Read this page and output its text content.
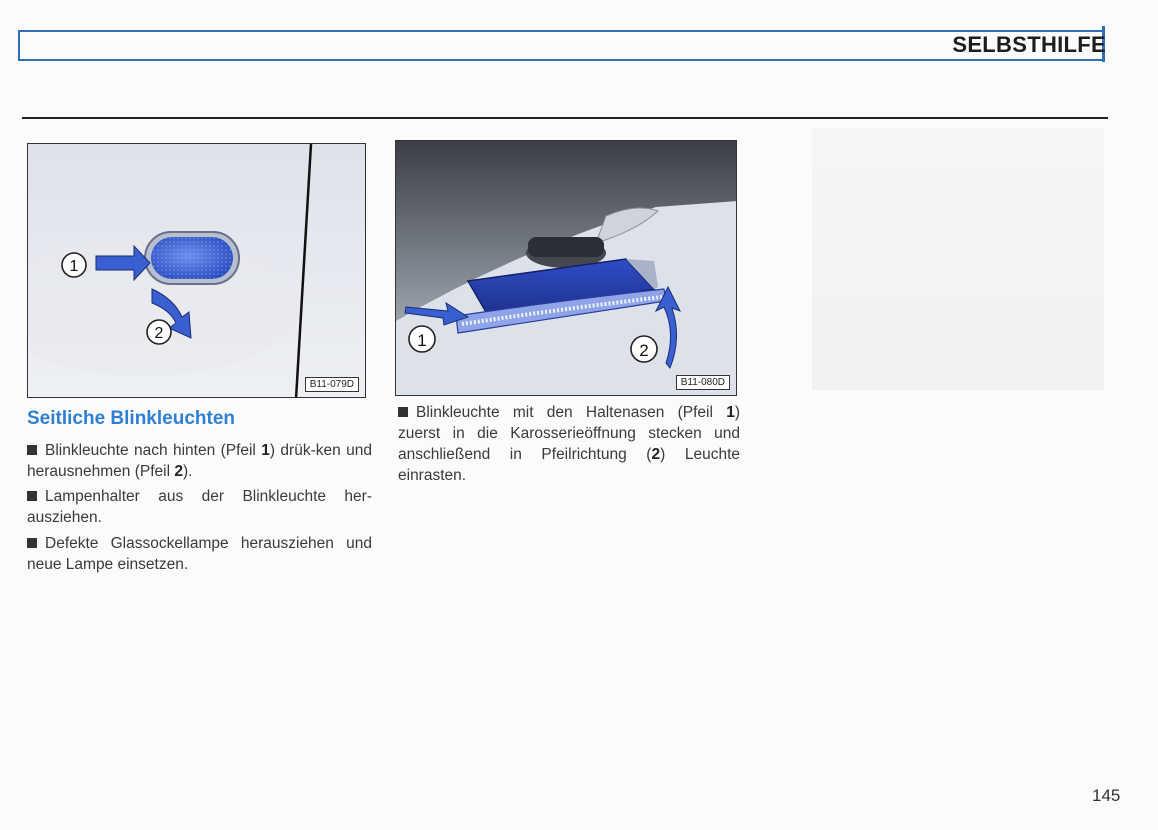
SELBSTHILFE
1
2
B11-079D
1
2
B11-080D
Seitliche Blinkleuchten
Blinkleuchte nach hinten (Pfeil 1) drük-ken und herausnehmen (Pfeil 2).
Lampenhalter aus der Blinkleuchte her-ausziehen.
Defekte Glassockellampe herausziehen und neue Lampe einsetzen.
Blinkleuchte mit den Haltenasen (Pfeil 1) zuerst in die Karosserieöffnung stecken und anschließend in Pfeilrichtung (2) Leuchte einrasten.
145
